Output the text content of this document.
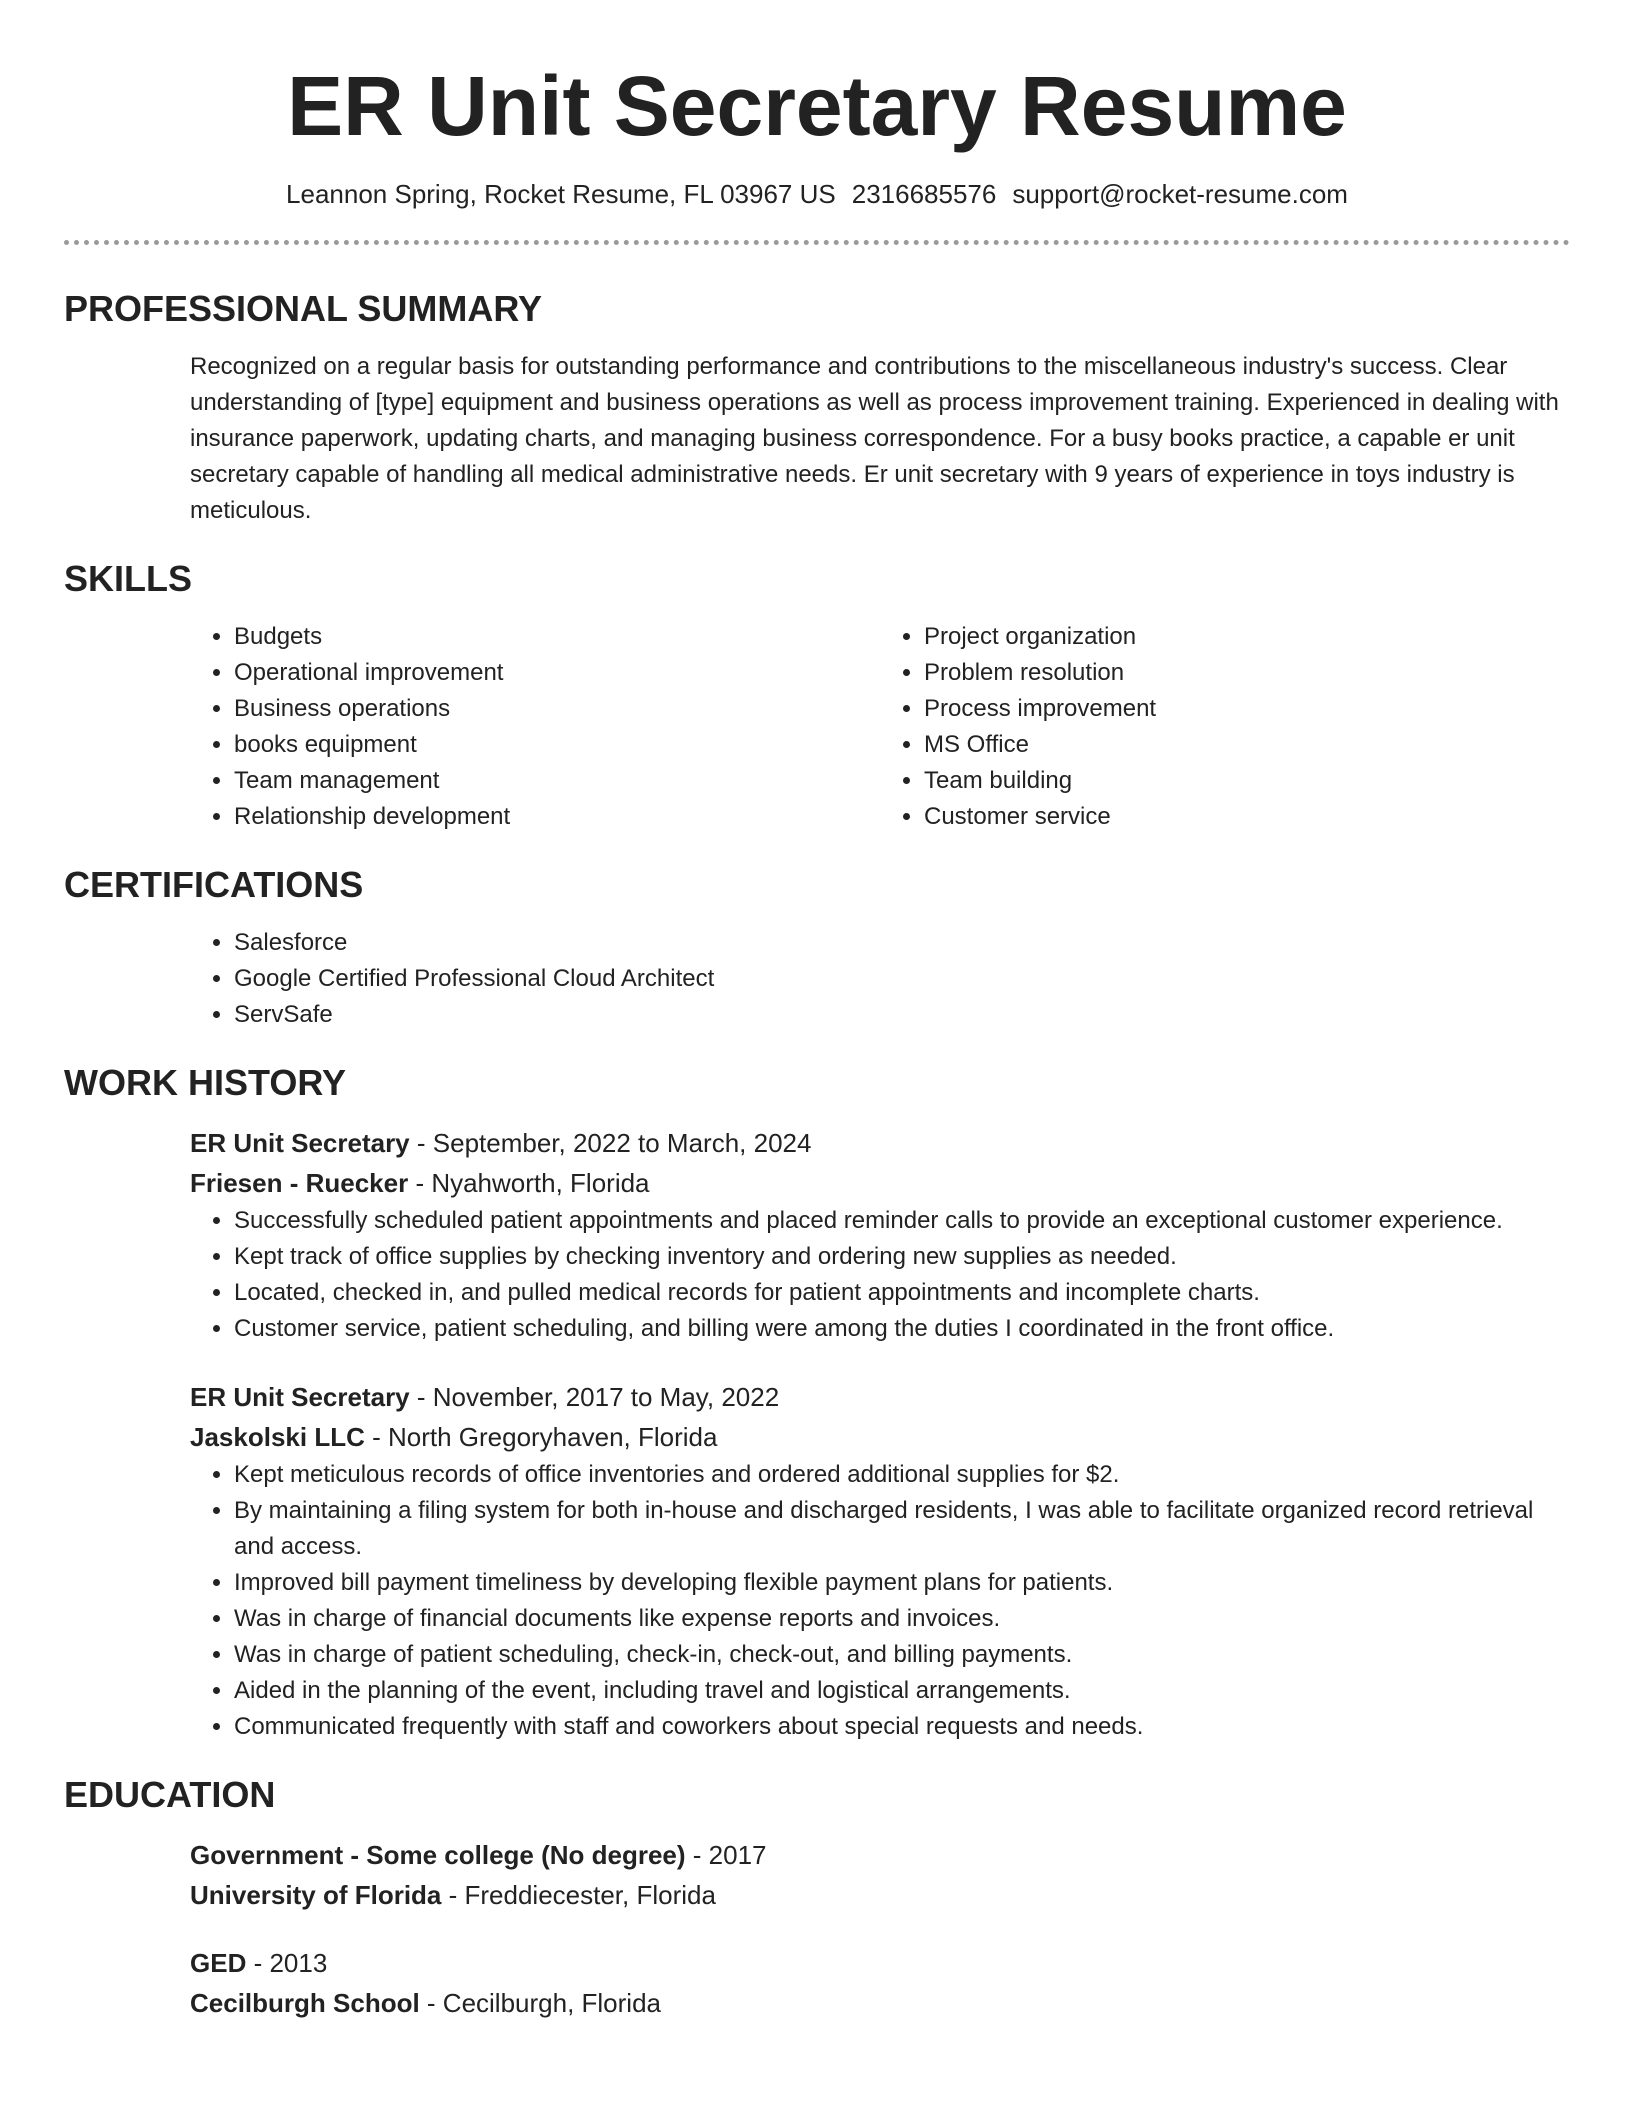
ER Unit Secretary Resume
Leannon Spring, Rocket Resume, FL 03967 US 2316685576 support@rocket-resume.com
PROFESSIONAL SUMMARY

Recognized on a regular basis for outstanding performance and contributions to the miscellaneous industry's success. Clear understanding of [type] equipment and business operations as well as process improvement training. Experienced in dealing with insurance paperwork, updating charts, and managing business correspondence. For a busy books practice, a capable er unit secretary capable of handling all medical administrative needs. Er unit secretary with 9 years of experience in toys industry is meticulous.

SKILLS
• Budgets
• Operational improvement
• Business operations
• books equipment
• Team management
• Relationship development
• Project organization
• Problem resolution
• Process improvement
• MS Office
• Team building
• Customer service
CERTIFICATIONS
• Salesforce
• Google Certified Professional Cloud Architect
• ServSafe
WORK HISTORY
ER Unit Secretary - September, 2022 to March, 2024
Friesen - Ruecker - Nyahworth, Florida
• Successfully scheduled patient appointments and placed reminder calls to provide an exceptional customer experience.
• Kept track of office supplies by checking inventory and ordering new supplies as needed.
• Located, checked in, and pulled medical records for patient appointments and incomplete charts.
• Customer service, patient scheduling, and billing were among the duties I coordinated in the front office.
ER Unit Secretary - November, 2017 to May, 2022
Jaskolski LLC - North Gregoryhaven, Florida
• Kept meticulous records of office inventories and ordered additional supplies for $2.
• By maintaining a filing system for both in-house and discharged residents, I was able to facilitate organized record retrieval and access.
• Improved bill payment timeliness by developing flexible payment plans for patients.
• Was in charge of financial documents like expense reports and invoices.
• Was in charge of patient scheduling, check-in, check-out, and billing payments.
• Aided in the planning of the event, including travel and logistical arrangements.
• Communicated frequently with staff and coworkers about special requests and needs.
EDUCATION
Government - Some college (No degree) - 2017
University of Florida - Freddiecester, Florida
GED - 2013
Cecilburgh School - Cecilburgh, Florida
